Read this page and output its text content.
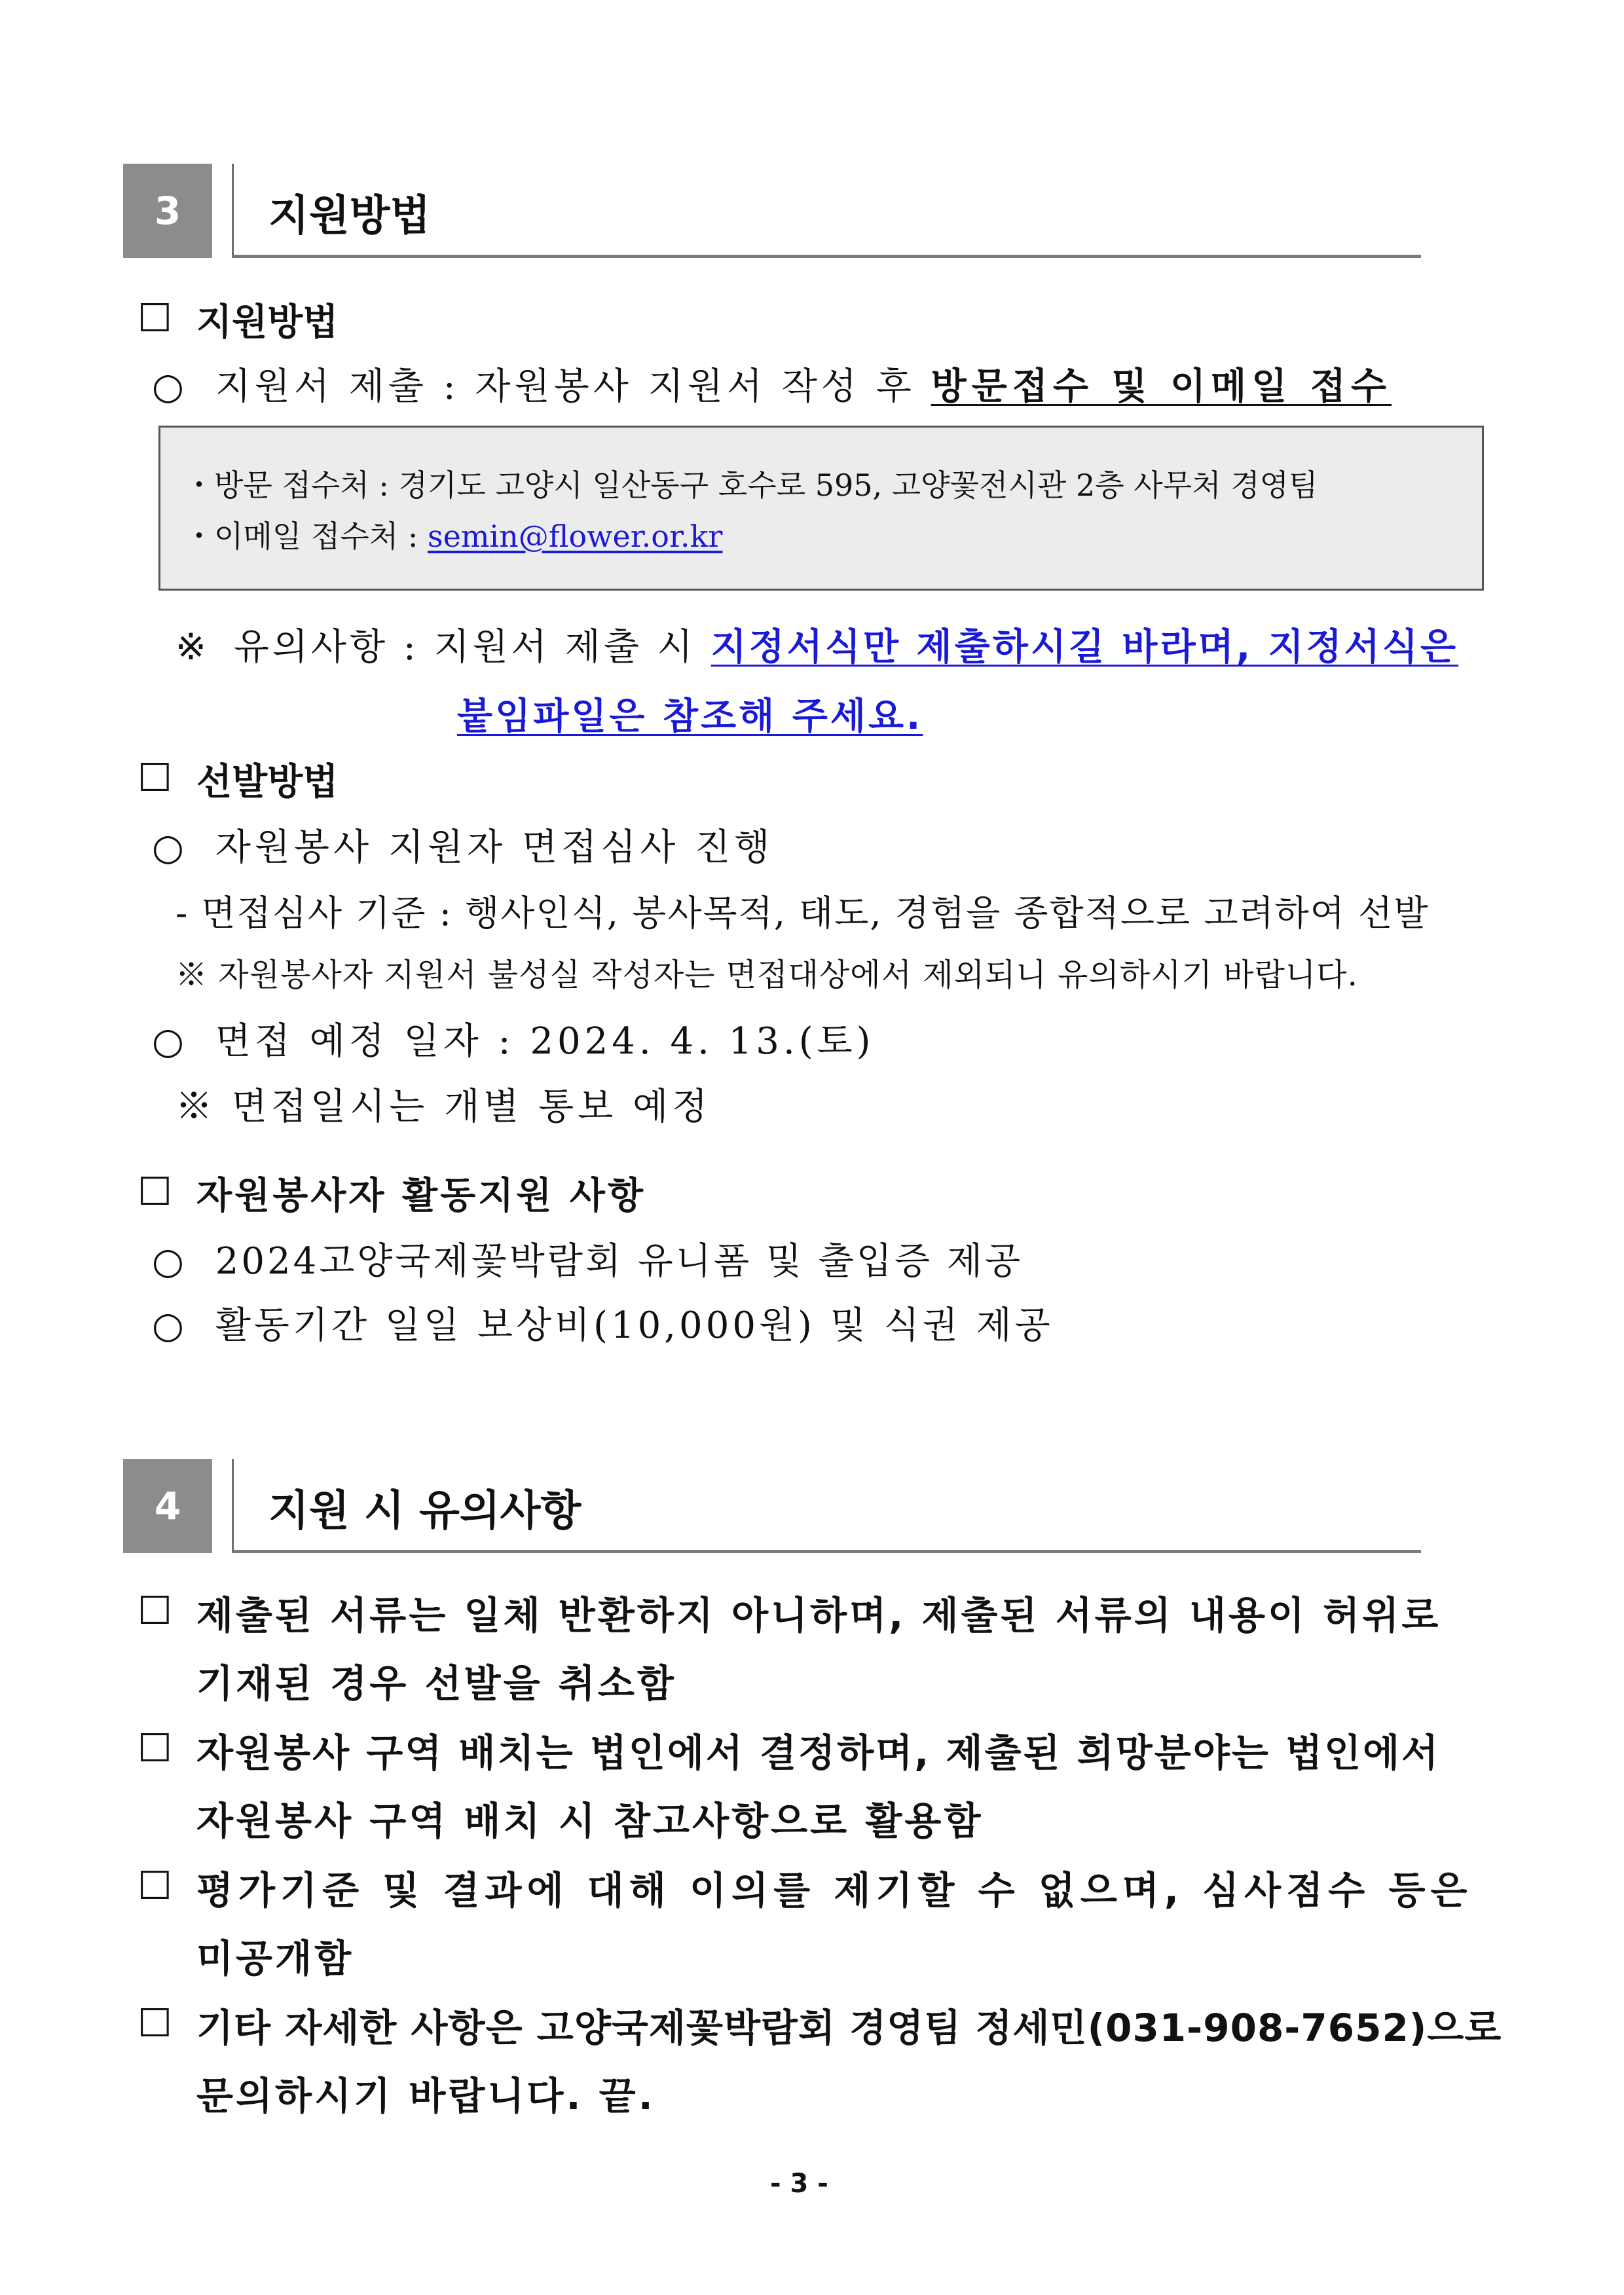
3	지원방법
□ 지원방법
○ 지원서 제출 : 자원봉사 지원서 작성 후 방문접수 및 이메일 접수
・방문 접수처 : 경기도 고양시 일산동구 호수로 595, 고양꽃전시관 2층 사무처 경영팀
・이메일 접수처 : semin@flower.or.kr
※ 유의사항 : 지원서 제출 시 지정서식만 제출하시길 바라며, 지정서식은
붙임파일은 참조해 주세요.
□ 선발방법
○ 자원봉사 지원자 면접심사 진행
- 면접심사 기준 : 행사인식, 봉사목적, 태도, 경험을 종합적으로 고려하여 선발
※ 자원봉사자 지원서 불성실 작성자는 면접대상에서 제외되니 유의하시기 바랍니다.
○ 면접 예정 일자 : 2024. 4. 13.(토)
※ 면접일시는 개별 통보 예정
□ 자원봉사자 활동지원 사항
○ 2024고양국제꽃박람회 유니폼 및 출입증 제공
○ 활동기간 일일 보상비(10,000원) 및 식권 제공
4	지원 시 유의사항
□ 제출된 서류는 일체 반환하지 아니하며, 제출된 서류의 내용이 허위로
기재된 경우 선발을 취소함
□ 자원봉사 구역 배치는 법인에서 결정하며, 제출된 희망분야는 법인에서
자원봉사 구역 배치 시 참고사항으로 활용함
□ 평가기준 및 결과에 대해 이의를 제기할 수 없으며, 심사점수 등은
미공개함
□ 기타 자세한 사항은 고양국제꽃박람회 경영팀 정세민(031-908-7652)으로
문의하시기 바랍니다. 끝.
- 3 -
